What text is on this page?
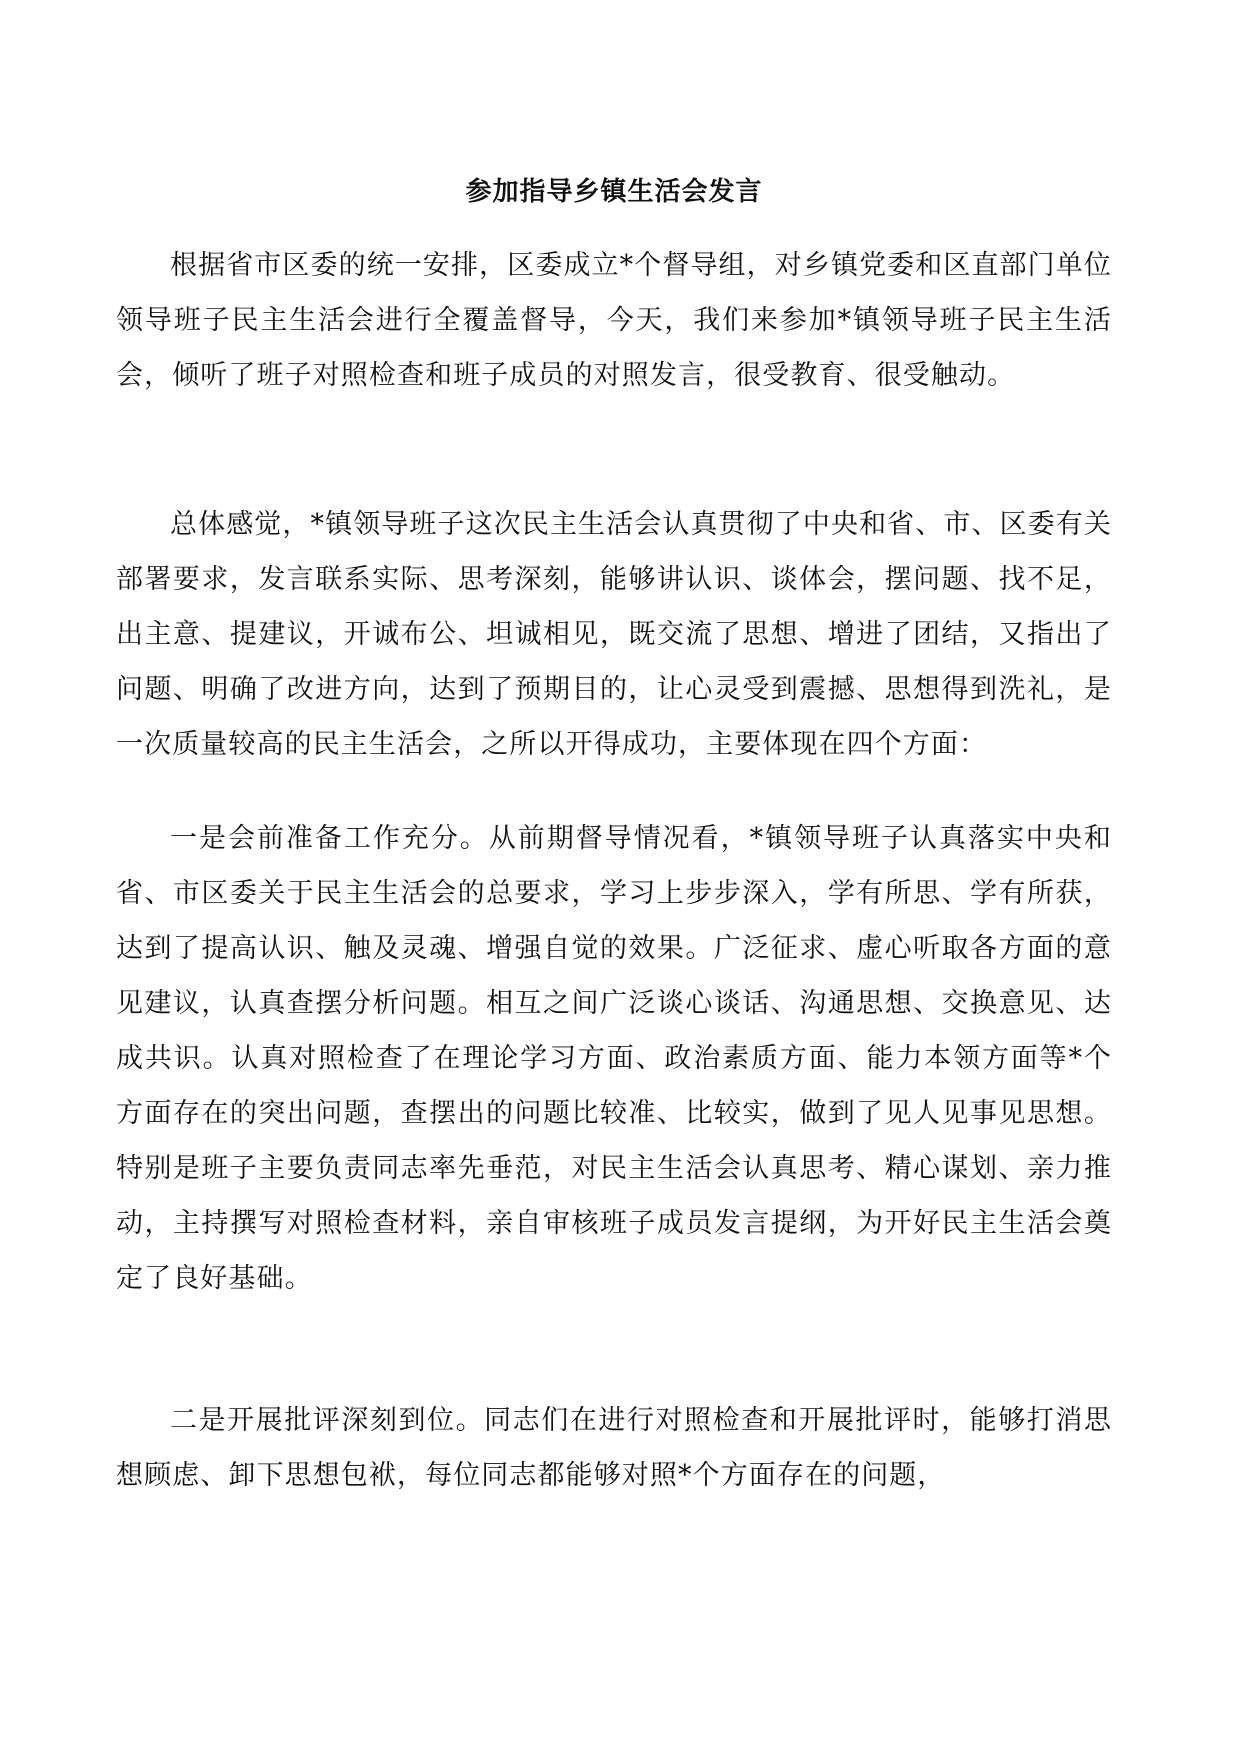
参加指导乡镇生活会发言

根据省市区委的统一安排，区委成立*个督导组，对乡镇党委和区直部门单位领导班子民主生活会进行全覆盖督导，今天，我们来参加*镇领导班子民主生活会，倾听了班子对照检查和班子成员的对照发言，很受教育、很受触动。

总体感觉，*镇领导班子这次民主生活会认真贯彻了中央和省、市、区委有关部署要求，发言联系实际、思考深刻，能够讲认识、谈体会，摆问题、找不足，出主意、提建议，开诚布公、坦诚相见，既交流了思想、增进了团结，又指出了问题、明确了改进方向，达到了预期目的，让心灵受到震撼、思想得到洗礼，是一次质量较高的民主生活会，之所以开得成功，主要体现在四个方面：

一是会前准备工作充分。从前期督导情况看，*镇领导班子认真落实中央和省、市区委关于民主生活会的总要求，学习上步步深入，学有所思、学有所获，达到了提高认识、触及灵魂、增强自觉的效果。广泛征求、虚心听取各方面的意见建议，认真查摆分析问题。相互之间广泛谈心谈话、沟通思想、交换意见、达成共识。认真对照检查了在理论学习方面、政治素质方面、能力本领方面等*个方面存在的突出问题，查摆出的问题比较准、比较实，做到了见人见事见思想。特别是班子主要负责同志率先垂范，对民主生活会认真思考、精心谋划、亲力推动，主持撰写对照检查材料，亲自审核班子成员发言提纲，为开好民主生活会奠定了良好基础。

二是开展批评深刻到位。同志们在进行对照检查和开展批评时，能够打消思想顾虑、卸下思想包袱，每位同志都能够对照*个方面存在的问题，
